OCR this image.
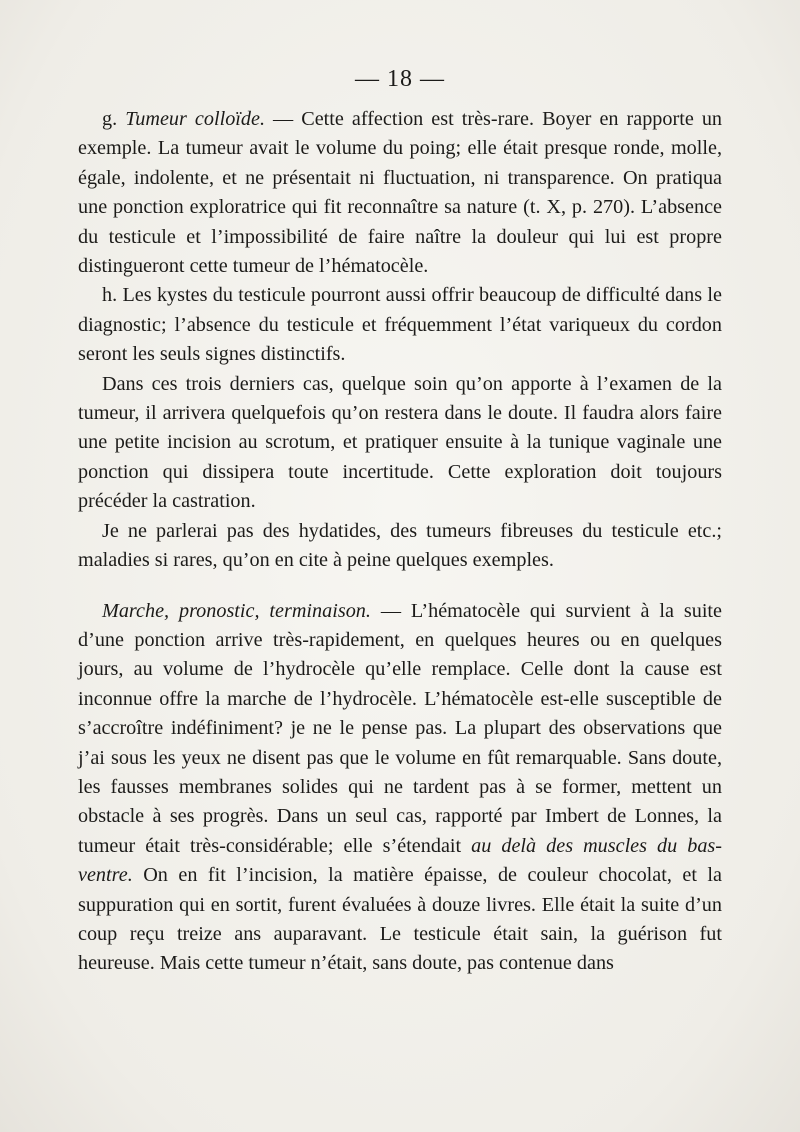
— 18 —

g. Tumeur colloïde. — Cette affection est très-rare. Boyer en rapporte un exemple. La tumeur avait le volume du poing; elle était presque ronde, molle, égale, indolente, et ne présentait ni fluctuation, ni transparence. On pratiqua une ponction exploratrice qui fit reconnaître sa nature (t. X, p. 270). L’absence du testicule et l’impossibilité de faire naître la douleur qui lui est propre distingueront cette tumeur de l’hématocèle.

h. Les kystes du testicule pourront aussi offrir beaucoup de difficulté dans le diagnostic; l’absence du testicule et fréquemment l’état variqueux du cordon seront les seuls signes distinctifs.

Dans ces trois derniers cas, quelque soin qu’on apporte à l’examen de la tumeur, il arrivera quelquefois qu’on restera dans le doute. Il faudra alors faire une petite incision au scrotum, et pratiquer ensuite à la tunique vaginale une ponction qui dissipera toute incertitude. Cette exploration doit toujours précéder la castration.

Je ne parlerai pas des hydatides, des tumeurs fibreuses du testicule etc.; maladies si rares, qu’on en cite à peine quelques exemples.

Marche, pronostic, terminaison. — L’hématocèle qui survient à la suite d’une ponction arrive très-rapidement, en quelques heures ou en quelques jours, au volume de l’hydrocèle qu’elle remplace. Celle dont la cause est inconnue offre la marche de l’hydrocèle. L’hématocèle est-elle susceptible de s’accroître indéfiniment? je ne le pense pas. La plupart des observations que j’ai sous les yeux ne disent pas que le volume en fût remarquable. Sans doute, les fausses membranes solides qui ne tardent pas à se former, mettent un obstacle à ses progrès. Dans un seul cas, rapporté par Imbert de Lonnes, la tumeur était très-considérable; elle s’étendait au delà des muscles du bas-ventre. On en fit l’incision, la matière épaisse, de couleur chocolat, et la suppuration qui en sortit, furent évaluées à douze livres. Elle était la suite d’un coup reçu treize ans auparavant. Le testicule était sain, la guérison fut heureuse. Mais cette tumeur n’était, sans doute, pas contenue dans
